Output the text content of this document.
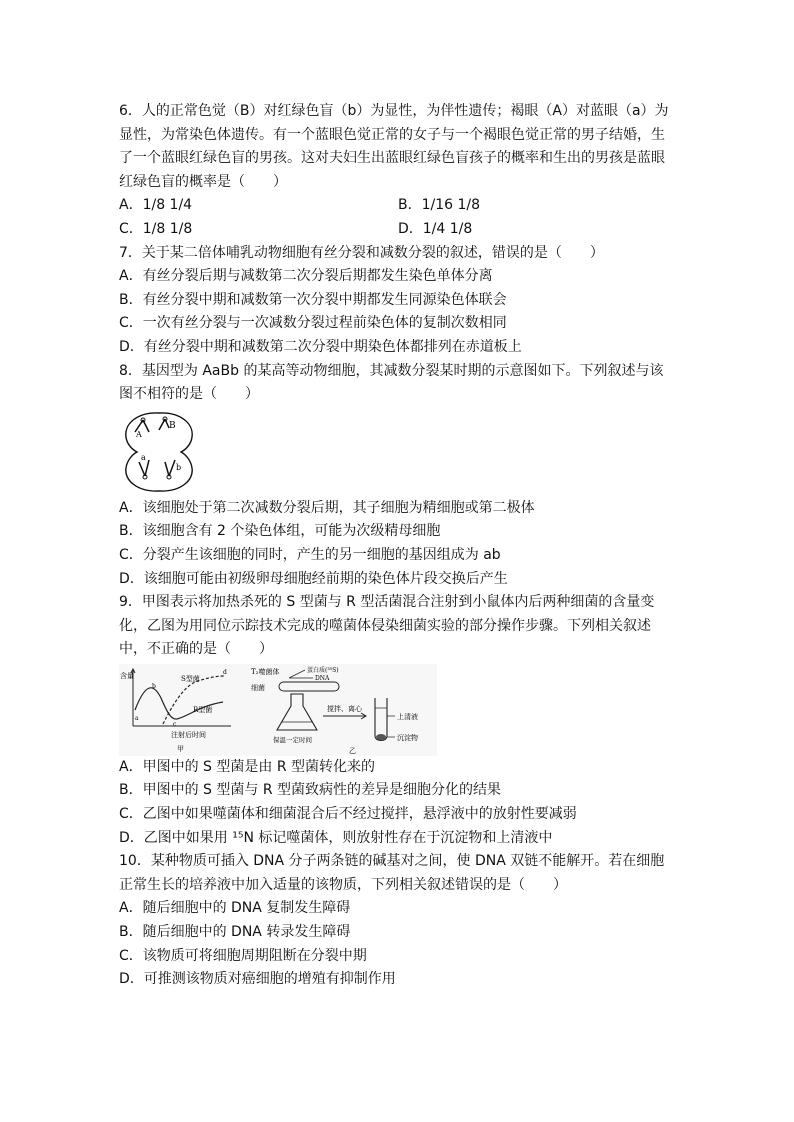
6．人的正常色觉（B）对红绿色盲（b）为显性，为伴性遗传；褐眼（A）对蓝眼（a）为
显性，为常染色体遗传。有一个蓝眼色觉正常的女子与一个褐眼色觉正常的男子结婚，生
了一个蓝眼红绿色盲的男孩。这对夫妇生出蓝眼红绿色盲孩子的概率和生出的男孩是蓝眼
红绿色盲的概率是（　　）
A．1/8 1/4	B．1/16 1/8
C．1/8 1/8	D．1/4 1/8
7．关于某二倍体哺乳动物细胞有丝分裂和减数分裂的叙述，错误的是（　　）
A．有丝分裂后期与减数第二次分裂后期都发生染色单体分离
B．有丝分裂中期和减数第一次分裂中期都发生同源染色体联会
C．一次有丝分裂与一次减数分裂过程前染色体的复制次数相同
D．有丝分裂中期和减数第二次分裂中期染色体都排列在赤道板上
8．基因型为 AaBb 的某高等动物细胞，其减数分裂某时期的示意图如下。下列叙述与该
图不相符的是（　　）
A
B
a
b
A．该细胞处于第二次减数分裂后期，其子细胞为精细胞或第二极体
B．该细胞含有 2 个染色体组，可能为次级精母细胞
C．分裂产生该细胞的同时，产生的另一细胞的基因组成为 ab
D．该细胞可能由初级卵母细胞经前期的染色体片段交换后产生
9．甲图表示将加热杀死的 S 型菌与 R 型活菌混合注射到小鼠体内后两种细菌的含量变
化，乙图为用同位示踪技术完成的噬菌体侵染细菌实验的部分操作步骤。下列相关叙述
中，不正确的是（　　）
含量	S型菌
R型菌
a
b
c
d
注射后时间
甲
T₂噬菌体	蛋白质(³⁵S)
DNA
细菌
保温一定时间
搅拌、离心
上清液
沉淀物
乙
A．甲图中的 S 型菌是由 R 型菌转化来的
B．甲图中的 S 型菌与 R 型菌致病性的差异是细胞分化的结果
C．乙图中如果噬菌体和细菌混合后不经过搅拌，悬浮液中的放射性要减弱
D．乙图中如果用 ¹⁵N 标记噬菌体，则放射性存在于沉淀物和上清液中
10．某种物质可插入 DNA 分子两条链的碱基对之间，使 DNA 双链不能解开。若在细胞
正常生长的培养液中加入适量的该物质，下列相关叙述错误的是（　　）
A．随后细胞中的 DNA 复制发生障碍
B．随后细胞中的 DNA 转录发生障碍
C．该物质可将细胞周期阻断在分裂中期
D．可推测该物质对癌细胞的增殖有抑制作用
